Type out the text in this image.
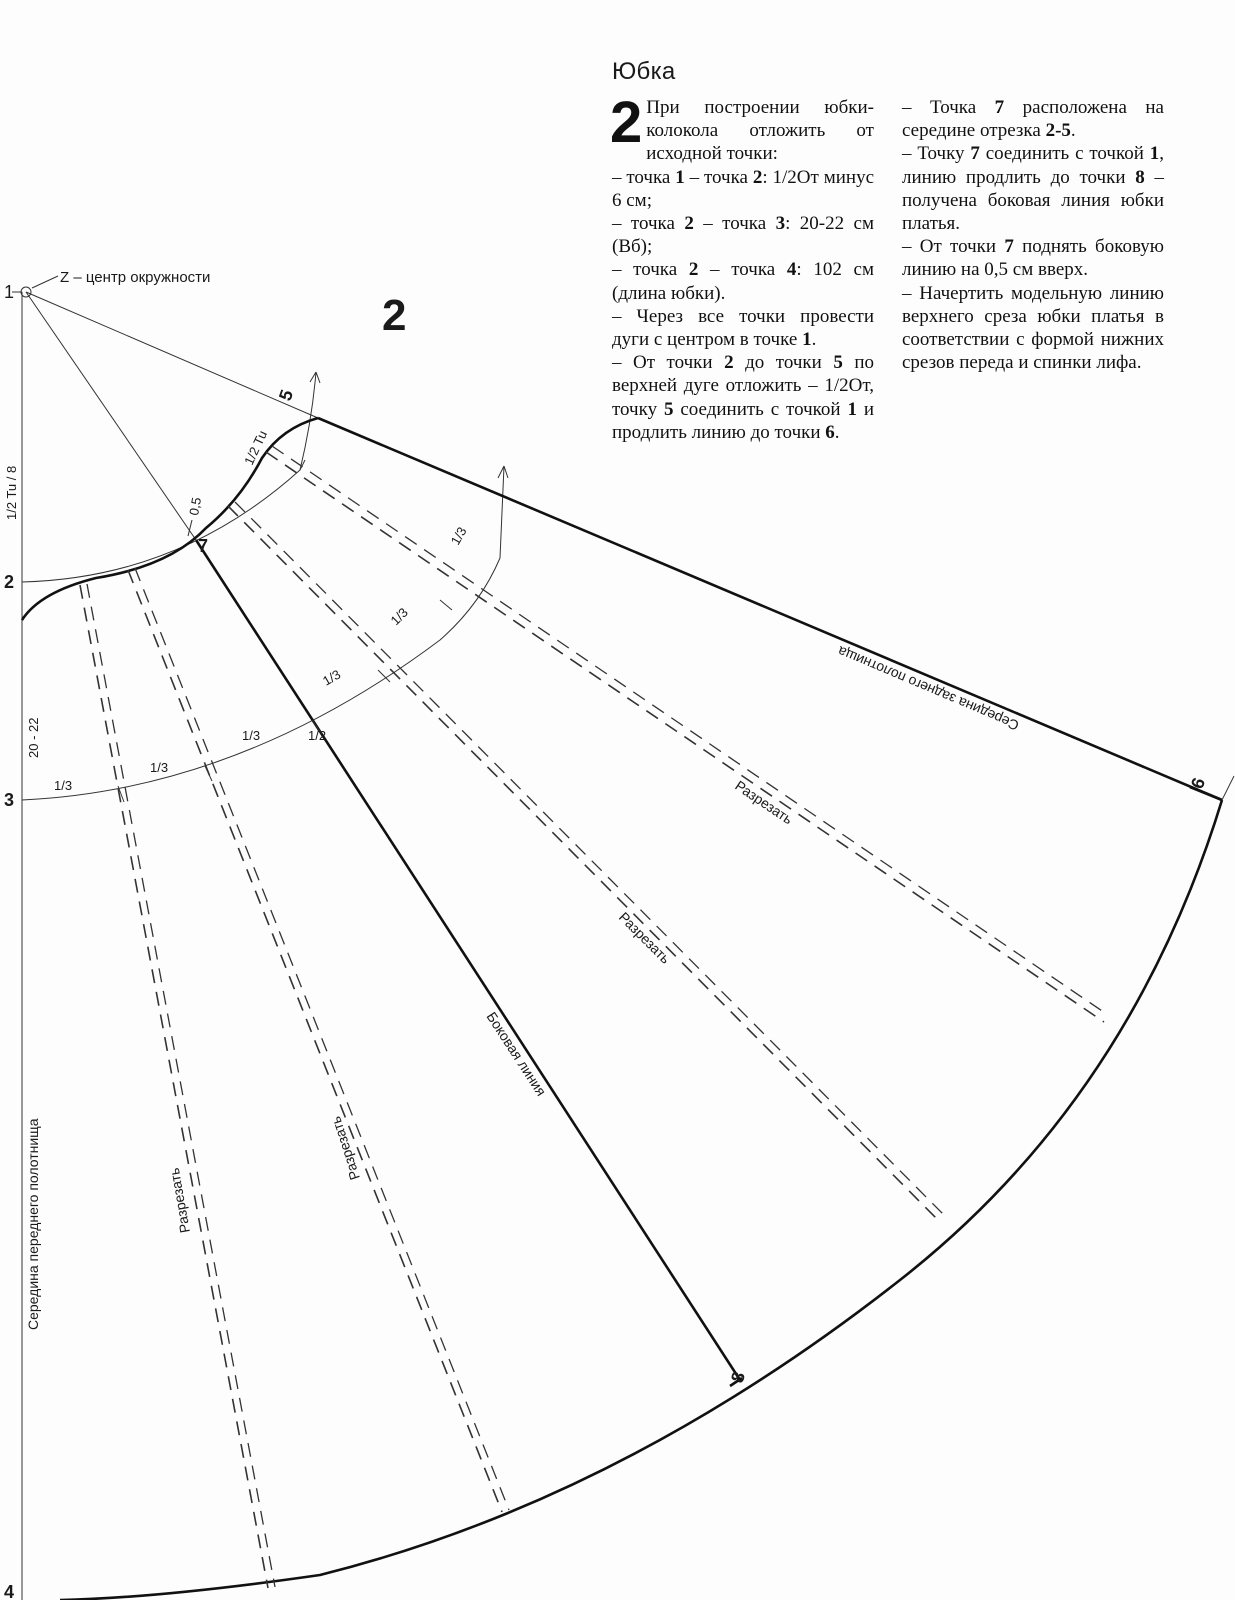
Z – центр окружности
2
1
2
3
4
5
6
7
8
1/2 Tu / 8
1/2 Tu
0,5
20 - 22
1/3
1/3
1/3	1/2
1/3
1/3
1/3
Середина заднего полотнища
Середина переднего полотнища
Боковая линия
Разрезать
Разрезать
Разрезать
Разрезать
Юбка
2 При построении юбки-колокола отложить от исходной точки:

– точка 1 – точка 2: 1/2От минус 6 см;

– точка 2 – точка 3: 20-22 см (Вб);

– точка 2 – точка 4: 102 см (длина юбки).

– Через все точки провести дуги с центром в точке 1.

– От точки 2 до точки 5 по верхней дуге отложить – 1/2От, точку 5 соединить с точкой 1 и продлить линию до точки 6.

– Точка 7 расположена на середине отрезка 2-5.

– Точку 7 соединить с точкой 1, линию продлить до точки 8 – получена боковая линия юбки платья.

– От точки 7 поднять боковую линию на 0,5 см вверх.

– Начертить модельную линию верхнего среза юбки платья в соответствии с формой нижних срезов переда и спинки лифа.
